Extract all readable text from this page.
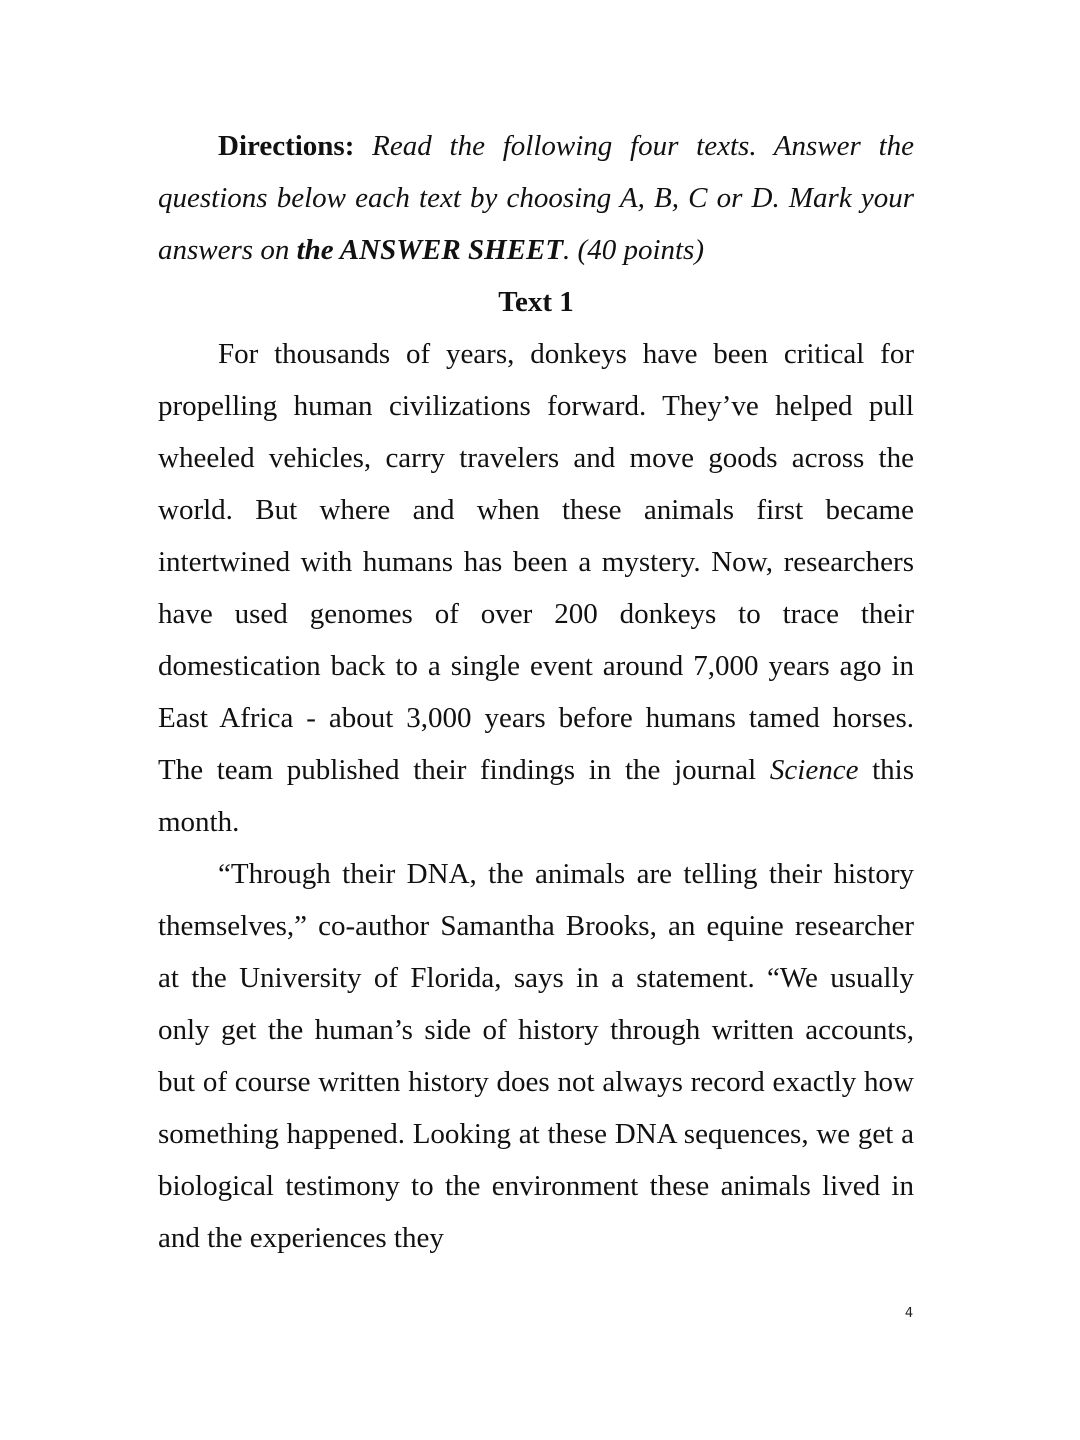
Directions: Read the following four texts. Answer the questions below each text by choosing A, B, C or D. Mark your answers on the ANSWER SHEET. (40 points)

Text 1

For thousands of years, donkeys have been critical for propelling human civilizations forward. They’ve helped pull wheeled vehicles, carry travelers and move goods across the world. But where and when these animals first became intertwined with humans has been a mystery. Now, researchers have used genomes of over 200 donkeys to trace their domestication back to a single event around 7,000 years ago in East Africa - about 3,000 years before humans tamed horses. The team published their findings in the journal Science this month.

“Through their DNA, the animals are telling their history themselves,” co-author Samantha Brooks, an equine researcher at the University of Florida, says in a statement. “We usually only get the human’s side of history through written accounts, but of course written history does not always record exactly how something happened. Looking at these DNA sequences, we get a biological testimony to the environment these animals lived in and the experiences they

4
